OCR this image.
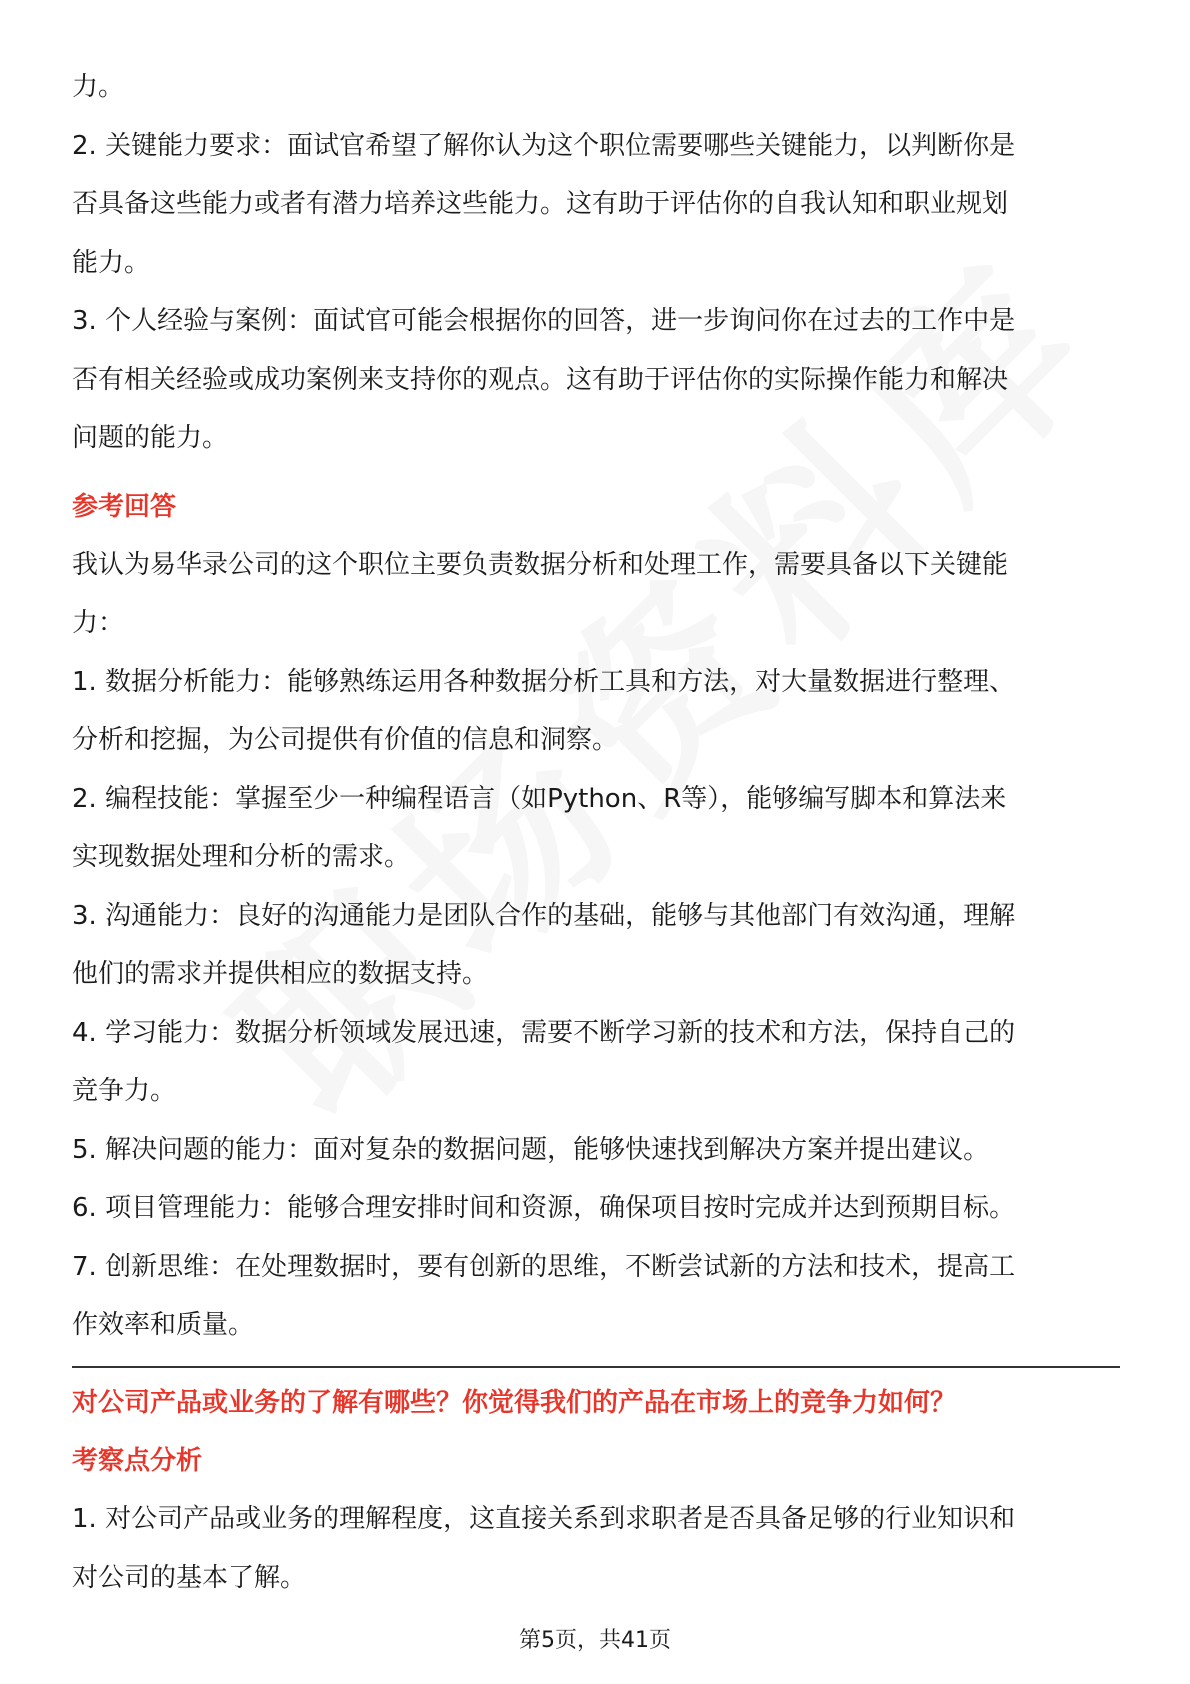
力。

2. 关键能力要求：面试官希望了解你认为这个职位需要哪些关键能力，以判断你是

否具备这些能力或者有潜力培养这些能力。这有助于评估你的自我认知和职业规划

能力。

3. 个人经验与案例：面试官可能会根据你的回答，进一步询问你在过去的工作中是

否有相关经验或成功案例来支持你的观点。这有助于评估你的实际操作能力和解决

问题的能力。

参考回答

我认为易华录公司的这个职位主要负责数据分析和处理工作，需要具备以下关键能

力：

1. 数据分析能力：能够熟练运用各种数据分析工具和方法，对大量数据进行整理、

分析和挖掘，为公司提供有价值的信息和洞察。

2. 编程技能：掌握至少一种编程语言（如Python、R等），能够编写脚本和算法来

实现数据处理和分析的需求。

3. 沟通能力：良好的沟通能力是团队合作的基础，能够与其他部门有效沟通，理解

他们的需求并提供相应的数据支持。

4. 学习能力：数据分析领域发展迅速，需要不断学习新的技术和方法，保持自己的

竞争力。

5. 解决问题的能力：面对复杂的数据问题，能够快速找到解决方案并提出建议。

6. 项目管理能力：能够合理安排时间和资源，确保项目按时完成并达到预期目标。

7. 创新思维：在处理数据时，要有创新的思维，不断尝试新的方法和技术，提高工

作效率和质量。

对公司产品或业务的了解有哪些？你觉得我们的产品在市场上的竞争力如何？

考察点分析

1. 对公司产品或业务的理解程度，这直接关系到求职者是否具备足够的行业知识和

对公司的基本了解。

第5页，共41页
